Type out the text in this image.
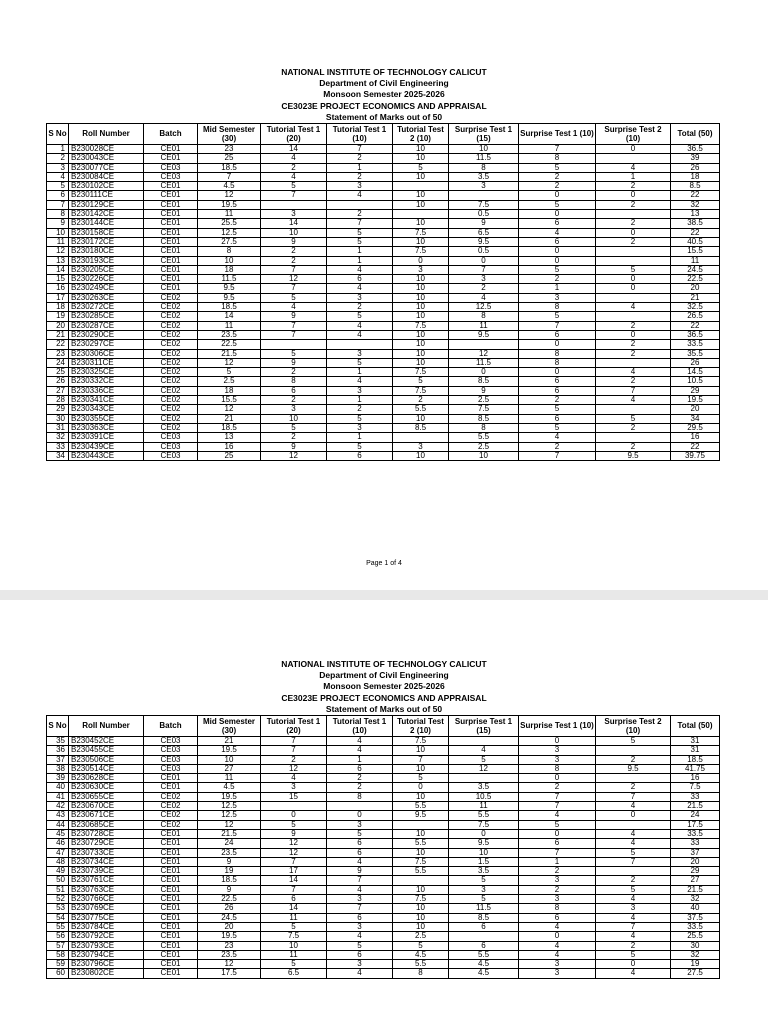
NATIONAL INSTITUTE OF TECHNOLOGY CALICUT
Department of Civil Engineering
Monsoon Semester 2025-2026
CE3023E PROJECT ECONOMICS AND APPRAISAL
Statement of Marks out of 50
S No	Roll Number	Batch	Mid Semester (30)	Tutorial Test 1 (20)	Tutorial Test 1 (10)	Tutorial Test 2 (10)	Surprise Test 1 (15)	Surprise Test 1 (10)	Surprise Test 2 (10)	Total (50)
1	B230028CE	CE01	23	14	7	10	10	7	0	36.5
2	B230043CE	CE01	25	4	2	10	11.5	8		39
3	B230077CE	CE03	18.5	2	1	5	8	5	4	26
4	B230084CE	CE03	7	4	2	10	3.5	2	1	18
5	B230102CE	CE01	4.5	5	3		3	2	2	8.5
6	B230111CE	CE01	12	7	4	10		0	0	22
7	B230129CE	CE01	19.5			10	7.5	5	2	32
8	B230142CE	CE01	11	3	2		0.5	0		13
9	B230144CE	CE01	25.5	14	7	10	9	6	2	38.5
10	B230158CE	CE01	12.5	10	5	7.5	6.5	4	0	22
11	B230172CE	CE01	27.5	9	5	10	9.5	6	2	40.5
12	B230180CE	CE01	8	2	1	7.5	0.5	0		15.5
13	B230193CE	CE01	10	2	1	0	0	0		11
14	B230205CE	CE01	18	7	4	3	7	5	5	24.5
15	B230226CE	CE01	11.5	12	6	10	3	2	0	22.5
16	B230249CE	CE01	9.5	7	4	10	2	1	0	20
17	B230263CE	CE02	9.5	5	3	10	4	3		21
18	B230272CE	CE02	18.5	4	2	10	12.5	8	4	32.5
19	B230285CE	CE02	14	9	5	10	8	5		26.5
20	B230287CE	CE02	11	7	4	7.5	11	7	2	22
21	B230290CE	CE02	23.5	7	4	10	9.5	6	0	36.5
22	B230297CE	CE02	22.5			10		0	2	33.5
23	B230306CE	CE02	21.5	5	3	10	12	8	2	35.5
24	B230311CE	CE02	12	9	5	10	11.5	8		26
25	B230325CE	CE02	5	2	1	7.5	0	0	4	14.5
26	B230332CE	CE02	2.5	8	4	5	8.5	6	2	10.5
27	B230336CE	CE02	18	6	3	7.5	9	6	7	29
28	B230341CE	CE02	15.5	2	1	2	2.5	2	4	19.5
29	B230343CE	CE02	12	3	2	5.5	7.5	5		20
30	B230355CE	CE02	21	10	5	10	8.5	6	5	34
31	B230363CE	CE02	18.5	5	3	8.5	8	5	2	29.5
32	B230391CE	CE03	13	2	1		5.5	4		16
33	B230439CE	CE03	16	9	5	3	2.5	2	2	22
34	B230443CE	CE03	25	12	6	10	10	7	9.5	39.75
Page 1 of 4
NATIONAL INSTITUTE OF TECHNOLOGY CALICUT
Department of Civil Engineering
Monsoon Semester 2025-2026
CE3023E PROJECT ECONOMICS AND APPRAISAL
Statement of Marks out of 50
S No	Roll Number	Batch	Mid Semester (30)	Tutorial Test 1 (20)	Tutorial Test 1 (10)	Tutorial Test 2 (10)	Surprise Test 1 (15)	Surprise Test 1 (10)	Surprise Test 2 (10)	Total (50)
35	B230452CE	CE03	21	7	4	7.5		0	5	31
36	B230455CE	CE03	19.5	7	4	10	4	3		31
37	B230506CE	CE03	10	2	1	7	5	3	2	18.5
38	B230514CE	CE03	27	12	6	10	12	8	9.5	41.75
39	B230628CE	CE01	11	4	2	5		0		16
40	B230630CE	CE01	4.5	3	2	0	3.5	2	2	7.5
41	B230655CE	CE02	19.5	15	8	10	10.5	7	7	33
42	B230670CE	CE02	12.5			5.5	11	7	4	21.5
43	B230671CE	CE02	12.5	0	0	9.5	5.5	4	0	24
44	B230685CE	CE02	12	5	3		7.5	5		17.5
45	B230728CE	CE01	21.5	9	5	10	0	0	4	33.5
46	B230729CE	CE01	24	12	6	5.5	9.5	6	4	33
47	B230733CE	CE01	23.5	12	6	10	10	7	5	37
48	B230734CE	CE01	9	7	4	7.5	1.5	1	7	20
49	B230739CE	CE01	19	17	9	5.5	3.5	2		29
50	B230761CE	CE01	18.5	14	7		5	3	2	27
51	B230763CE	CE01	9	7	4	10	3	2	5	21.5
52	B230766CE	CE01	22.5	6	3	7.5	5	3	4	32
53	B230769CE	CE01	26	14	7	10	11.5	8	3	40
54	B230775CE	CE01	24.5	11	6	10	8.5	6	4	37.5
55	B230784CE	CE01	20	5	3	10	6	4	7	33.5
56	B230792CE	CE01	19.5	7.5	4	2.5		0	4	25.5
57	B230793CE	CE01	23	10	5	5	6	4	2	30
58	B230794CE	CE01	23.5	11	6	4.5	5.5	4	5	32
59	B230796CE	CE01	12	5	3	5.5	4.5	3	0	19
60	B230802CE	CE01	17.5	6.5	4	8	4.5	3	4	27.5
